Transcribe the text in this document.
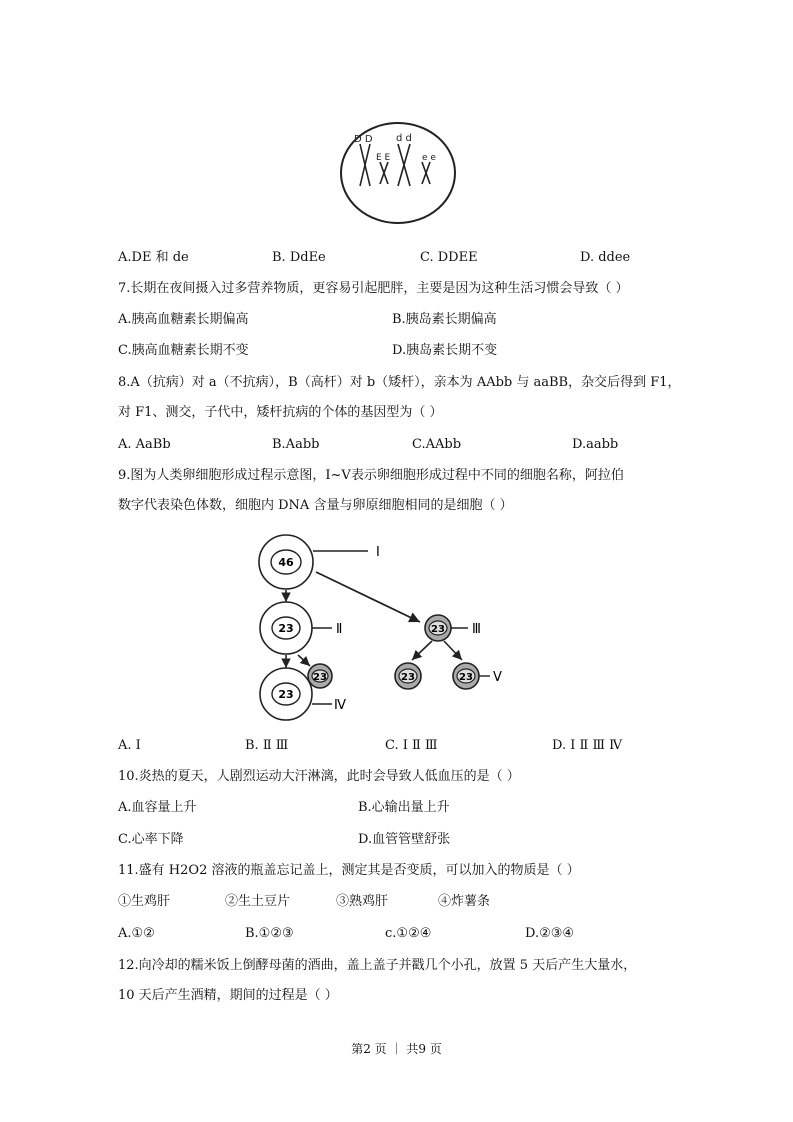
D D d d
E E	e e
A.DE 和 de	B. DdEe	C. DDEE	D. ddee
7.长期在夜间摄入过多营养物质，更容易引起肥胖，主要是因为这种生活习惯会导致（ ）
A.胰高血糖素长期偏高	B.胰岛素长期偏高
C.胰高血糖素长期不变	D.胰岛素长期不变
8.A（抗病）对 a（不抗病），B（高杆）对 b（矮杆），亲本为 AAbb 与 aaBB，杂交后得到 F1，
对 F1、测交，子代中，矮杆抗病的个体的基因型为（ ）
A. AaBb	B.Aabb	C.AAbb	D.aabb
9.图为人类卵细胞形成过程示意图，Ⅰ~Ⅴ表示卵细胞形成过程中不同的细胞名称，阿拉伯
数字代表染色体数，细胞内 DNA 含量与卵原细胞相同的是细胞（ ）
46
Ⅰ
23	Ⅱ	23 Ⅲ
23	23 Ⅴ
23
23
Ⅳ
A. Ⅰ	B. Ⅱ Ⅲ	C. Ⅰ Ⅱ Ⅲ	D. Ⅰ Ⅱ Ⅲ Ⅳ
10.炎热的夏天，人剧烈运动大汗淋漓，此时会导致人低血压的是（ ）
A.血容量上升	B.心输出量上升
C.心率下降	D.血管管壁舒张
11.盛有 H2O2 溶液的瓶盖忘记盖上，测定其是否变质，可以加入的物质是（ ）
①生鸡肝	②生土豆片	③熟鸡肝	④炸薯条
A.①②	B.①②③	c.①②④	D.②③④
12.向冷却的糯米饭上倒酵母菌的酒曲，盖上盖子并戳几个小孔，放置 5 天后产生大量水，
10 天后产生酒精，期间的过程是（ ）
第2 页 ｜ 共9 页
